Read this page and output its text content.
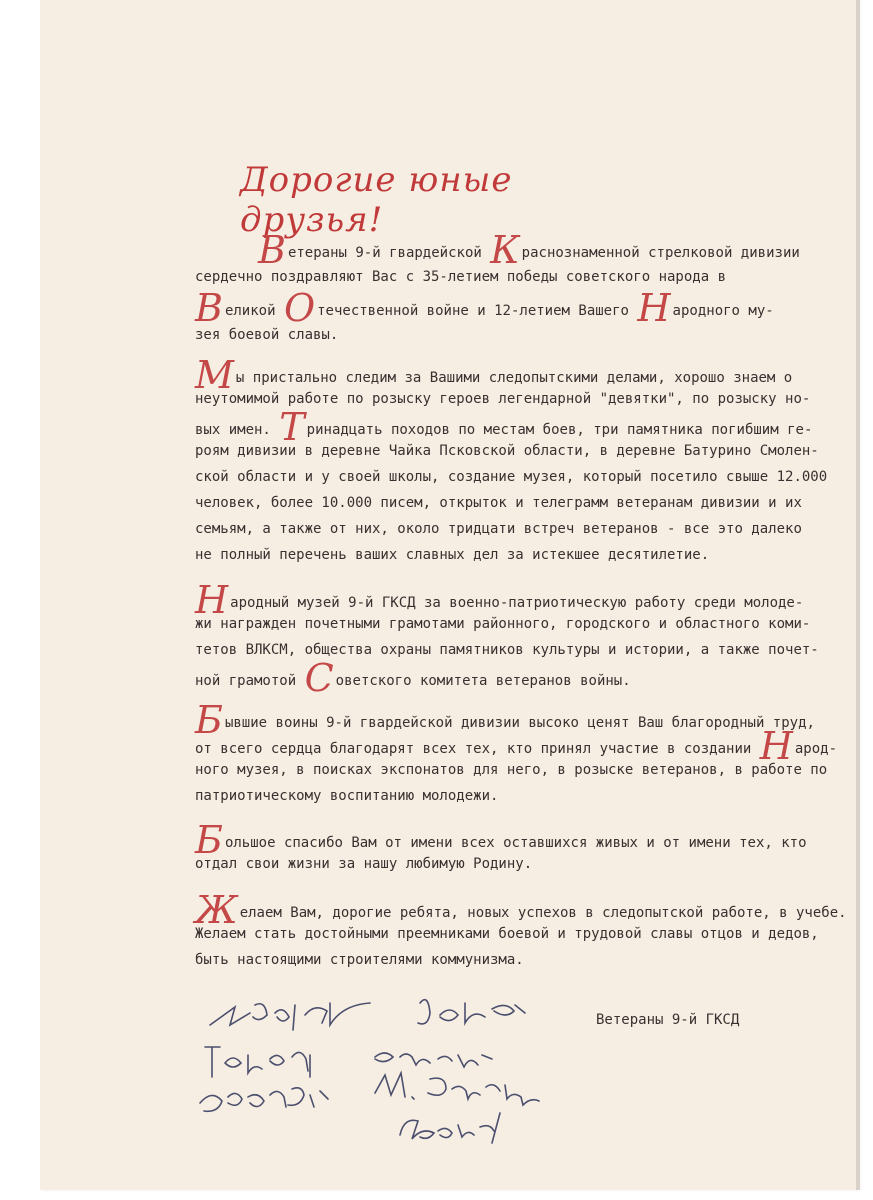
Дорогие юные друзья!
Ветераны 9-й гвардейской К раснознаменной стрелковой дивизии
сердечно поздравляют Вас с 35-летием победы советского народа в
Великой О течественной войне и 12-летием Вашего Н ародного му-
зея боевой славы.
Мы пристально следим за Вашими следопытскими делами, хорошо знаем о
неутомимой работе по розыску героев легендарной "девятки", по розыску но-
вых имен. Т ринадцать походов по местам боев, три памятника погибшим ге-
роям дивизии в деревне Чайка Псковской области, в деревне Батурино Смолен-
ской области и у своей школы, создание музея, который посетило свыше 12.000
человек, более 10.000 писем, открыток и телеграмм ветеранам дивизии и их
семьям, а также от них, около тридцати встреч ветеранов - все это далеко
не полный перечень ваших славных дел за истекшее десятилетие.
Народный музей 9-й ГКСД за военно-патриотическую работу среди молоде-
жи награжден почетными грамотами районного, городского и областного коми-
тетов ВЛКСМ, общества охраны памятников культуры и истории, а также почет-
ной грамотой С оветского комитета ветеранов войны.
Бывшие воины 9-й гвардейской дивизии высоко ценят Ваш благородный труд,
от всего сердца благодарят всех тех, кто принял участие в создании Н арод-
ного музея, в поисках экспонатов для него, в розыске ветеранов, в работе по
патриотическому воспитанию молодежи.
Большое спасибо Вам от имени всех оставшихся живых и от имени тех, кто
отдал свои жизни за нашу любимую Родину.
Желаем Вам, дорогие ребята, новых успехов в следопытской работе, в учебе.
Желаем стать достойными преемниками боевой и трудовой славы отцов и дедов,
быть настоящими строителями коммунизма.
Ветераны 9-й ГКСД
